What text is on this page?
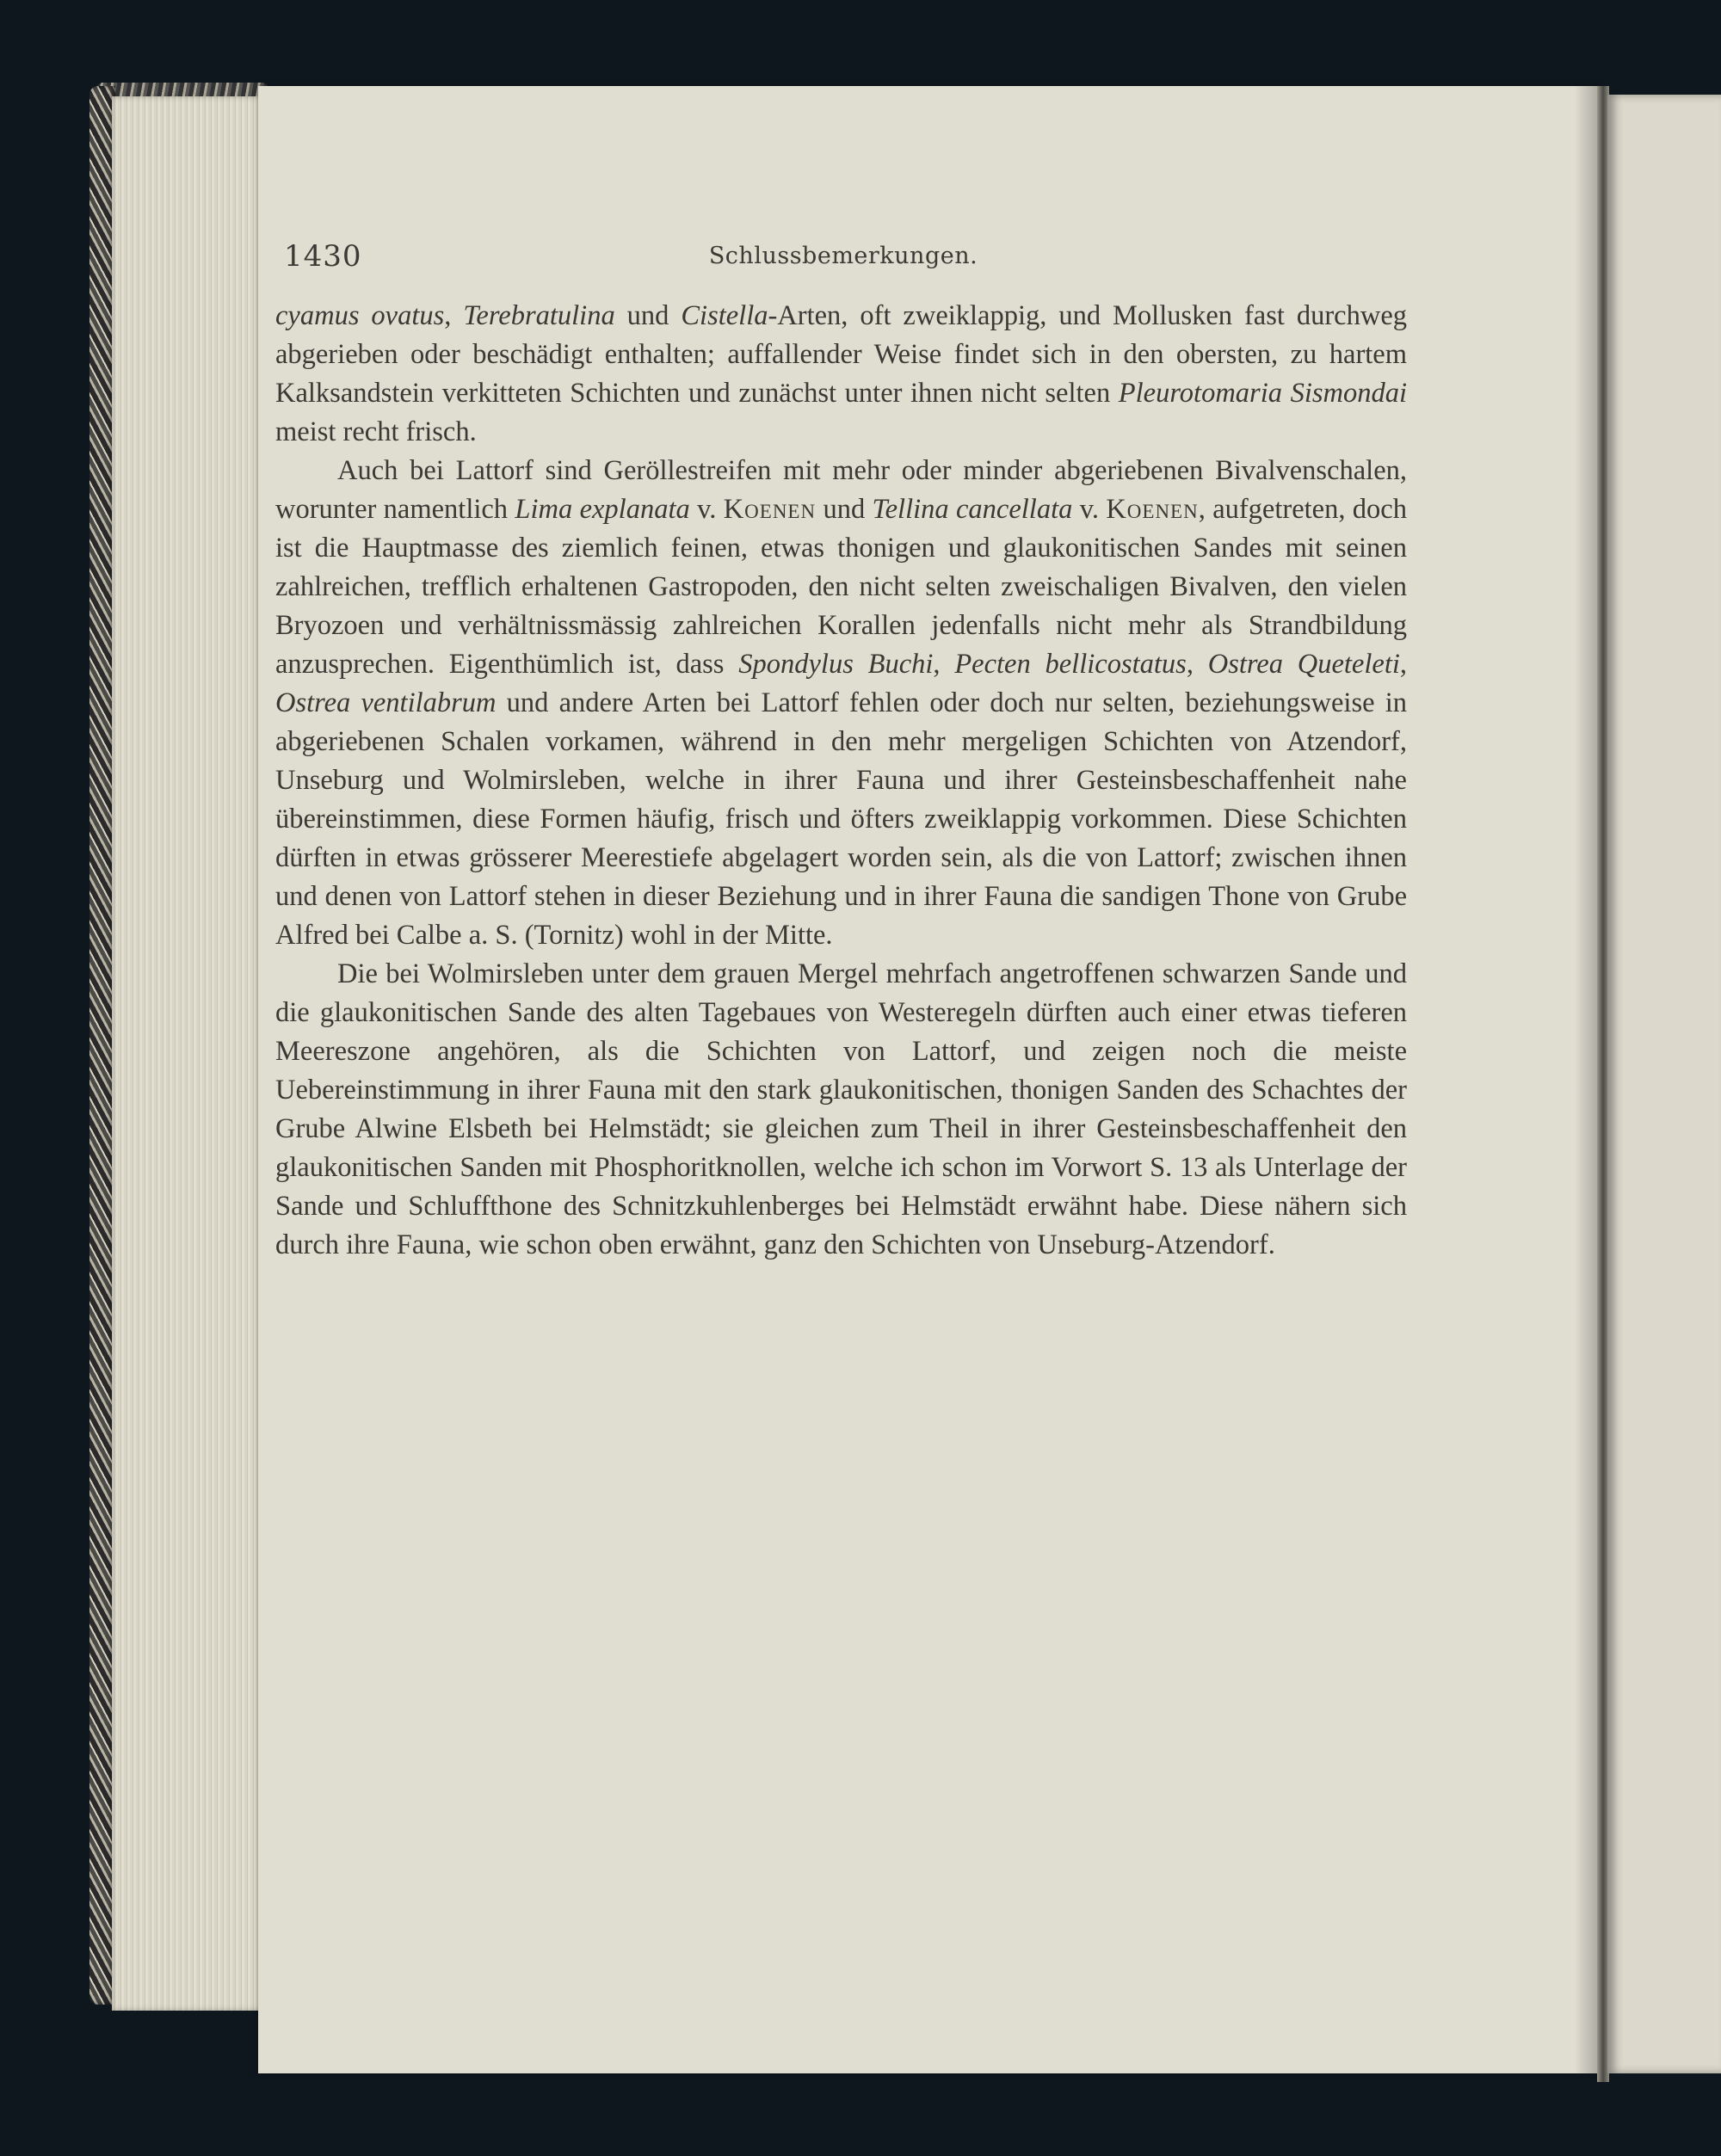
1430	Schlussbemerkungen.

cyamus ovatus, Terebratulina und Cistella-Arten, oft zweiklappig, und Mollusken fast durchweg abgerieben oder beschädigt enthalten; auffallender Weise findet sich in den obersten, zu hartem Kalksandstein verkitteten Schichten und zunächst unter ihnen nicht selten Pleurotomaria Sismondai meist recht frisch.

Auch bei Lattorf sind Geröllestreifen mit mehr oder minder abgeriebenen Bivalvenschalen, worunter namentlich Lima explanata v. Koenen und Tellina cancellata v. Koenen, aufgetreten, doch ist die Hauptmasse des ziemlich feinen, etwas thonigen und glaukonitischen Sandes mit seinen zahlreichen, trefflich erhaltenen Gastropoden, den nicht selten zweischaligen Bivalven, den vielen Bryozoen und verhältnissmässig zahlreichen Korallen jedenfalls nicht mehr als Strandbildung anzusprechen. Eigenthümlich ist, dass Spondylus Buchi, Pecten bellicostatus, Ostrea Queteleti, Ostrea ventilabrum und andere Arten bei Lattorf fehlen oder doch nur selten, beziehungsweise in abgeriebenen Schalen vorkamen, während in den mehr mergeligen Schichten von Atzendorf, Unseburg und Wolmirsleben, welche in ihrer Fauna und ihrer Gesteinsbeschaffenheit nahe übereinstimmen, diese Formen häufig, frisch und öfters zweiklappig vorkommen. Diese Schichten dürften in etwas grösserer Meerestiefe abgelagert worden sein, als die von Lattorf; zwischen ihnen und denen von Lattorf stehen in dieser Beziehung und in ihrer Fauna die sandigen Thone von Grube Alfred bei Calbe a. S. (Tornitz) wohl in der Mitte.

Die bei Wolmirsleben unter dem grauen Mergel mehrfach angetroffenen schwarzen Sande und die glaukonitischen Sande des alten Tagebaues von Westeregeln dürften auch einer etwas tieferen Meereszone angehören, als die Schichten von Lattorf, und zeigen noch die meiste Uebereinstimmung in ihrer Fauna mit den stark glaukonitischen, thonigen Sanden des Schachtes der Grube Alwine Elsbeth bei Helmstädt; sie gleichen zum Theil in ihrer Gesteinsbeschaffenheit den glaukonitischen Sanden mit Phosphoritknollen, welche ich schon im Vorwort S. 13 als Unterlage der Sande und Schluffthone des Schnitzkuhlenberges bei Helmstädt erwähnt habe. Diese nähern sich durch ihre Fauna, wie schon oben erwähnt, ganz den Schichten von Unseburg-Atzendorf.
